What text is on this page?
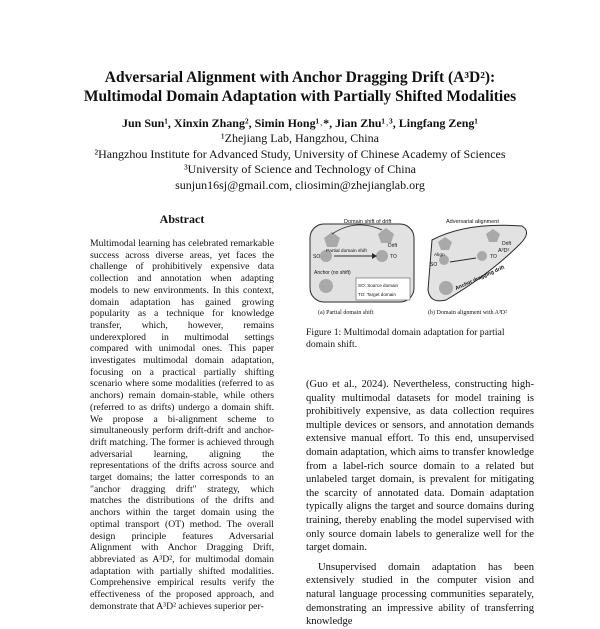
Adversarial Alignment with Anchor Dragging Drift (A³D²):
Multimodal Domain Adaptation with Partially Shifted Modalities
Jun Sun¹, Xinxin Zhang², Simin Hong¹˒*, Jian Zhu¹˒³, Lingfang Zeng¹
¹Zhejiang Lab, Hangzhou, China
²Hangzhou Institute for Advanced Study, University of Chinese Academy of Sciences
³University of Science and Technology of China
sunjun16sj@gmail.com, cliosimin@zhejianglab.org
Abstract

Multimodal learning has celebrated remarkable success across diverse areas, yet faces the challenge of prohibitively expensive data collection and annotation when adapting models to new environments. In this context, domain adaptation has gained growing popularity as a technique for knowledge transfer, which, however, remains underexplored in multimodal settings compared with unimodal ones. This paper investigates multimodal domain adaptation, focusing on a practical partially shifting scenario where some modalities (referred to as anchors) remain domain-stable, while others (referred to as drifts) undergo a domain shift. We propose a bi-alignment scheme to simultaneously perform drift-drift and anchor-drift matching. The former is achieved through adversarial learning, aligning the representations of the drifts across source and target domains; the latter corresponds to an "anchor dragging drift" strategy, which matches the distributions of the drifts and anchors within the target domain using the optimal transport (OT) method. The overall design principle features Adversarial Alignment with Anchor Dragging Drift, abbreviated as A³D², for multimodal domain adaptation with partially shifted modalities. Comprehensive empirical results verify the effectiveness of the proposed approach, and demonstrate that A³D² achieves superior per-

Domain shift of drift
Drift
Partial domain shift
SO	TO
Anchor (no shift)
SO: Source domain
TO: Target domain
(a) Partial domain shift
Adversarial alignment
Drift
Align
SO
TO
A³D²
Anchor dragging drift
(b) Domain alignment with A³D²

Figure 1: Multimodal domain adaptation for partial domain shift.

(Guo et al., 2024). Nevertheless, constructing high-quality multimodal datasets for model training is prohibitively expensive, as data collection requires multiple devices or sensors, and annotation demands extensive manual effort. To this end, unsupervised domain adaptation, which aims to transfer knowledge from a label-rich source domain to a related but unlabeled target domain, is prevalent for mitigating the scarcity of annotated data. Domain adaptation typically aligns the target and source domains during training, thereby enabling the model supervised with only source domain labels to generalize well for the target domain.

Unsupervised domain adaptation has been extensively studied in the computer vision and natural language processing communities separately, demonstrating an impressive ability of transferring knowledge
